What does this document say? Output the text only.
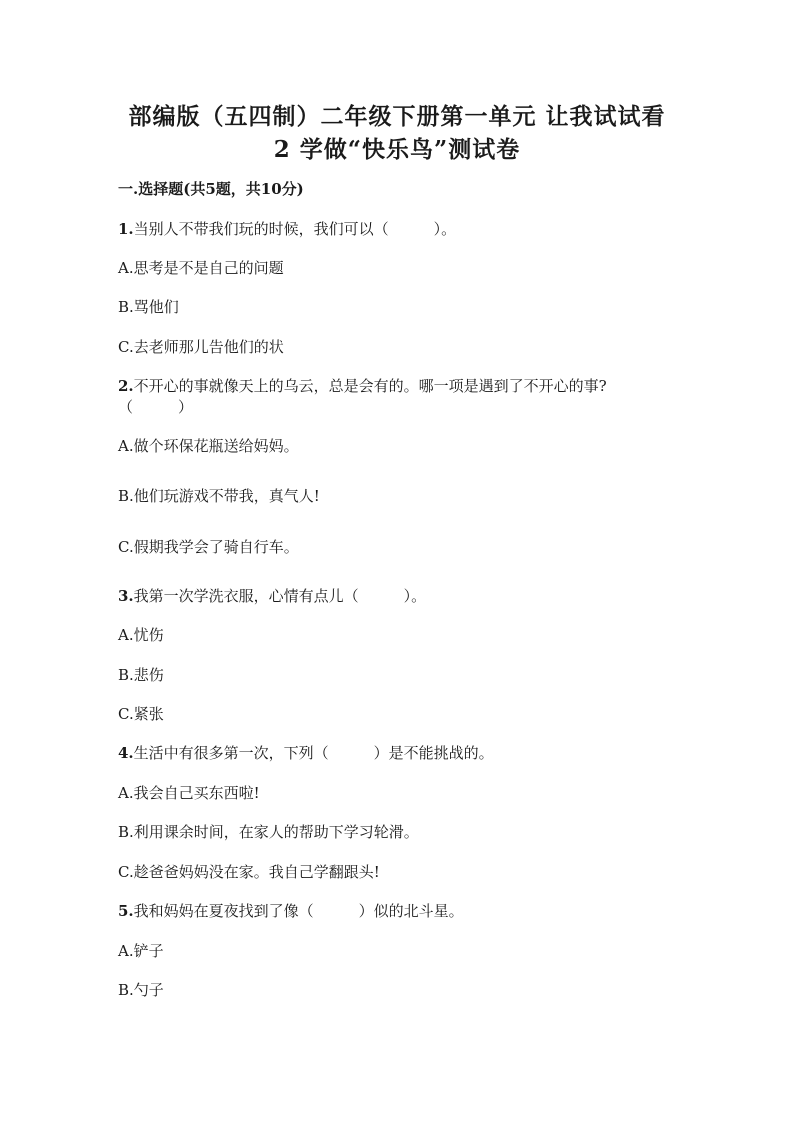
部编版（五四制）二年级下册第一单元 让我试试看
2 学做“快乐鸟”测试卷
一.选择题(共5题，共10分)
1.当别人不带我们玩的时候，我们可以（　　　）。
A.思考是不是自己的问题
B.骂他们
C.去老师那儿告他们的状
2.不开心的事就像天上的乌云，总是会有的。哪一项是遇到了不开心的事?
（　　　）
A.做个环保花瓶送给妈妈。
B.他们玩游戏不带我，真气人!
C.假期我学会了骑自行车。
3.我第一次学洗衣服，心情有点儿（　　　）。
A.忧伤
B.悲伤
C.紧张
4.生活中有很多第一次，下列（　　　）是不能挑战的。
A.我会自己买东西啦!
B.利用课余时间，在家人的帮助下学习轮滑。
C.趁爸爸妈妈没在家。我自己学翻跟头!
5.我和妈妈在夏夜找到了像（　　　）似的北斗星。
A.铲子
B.勺子
